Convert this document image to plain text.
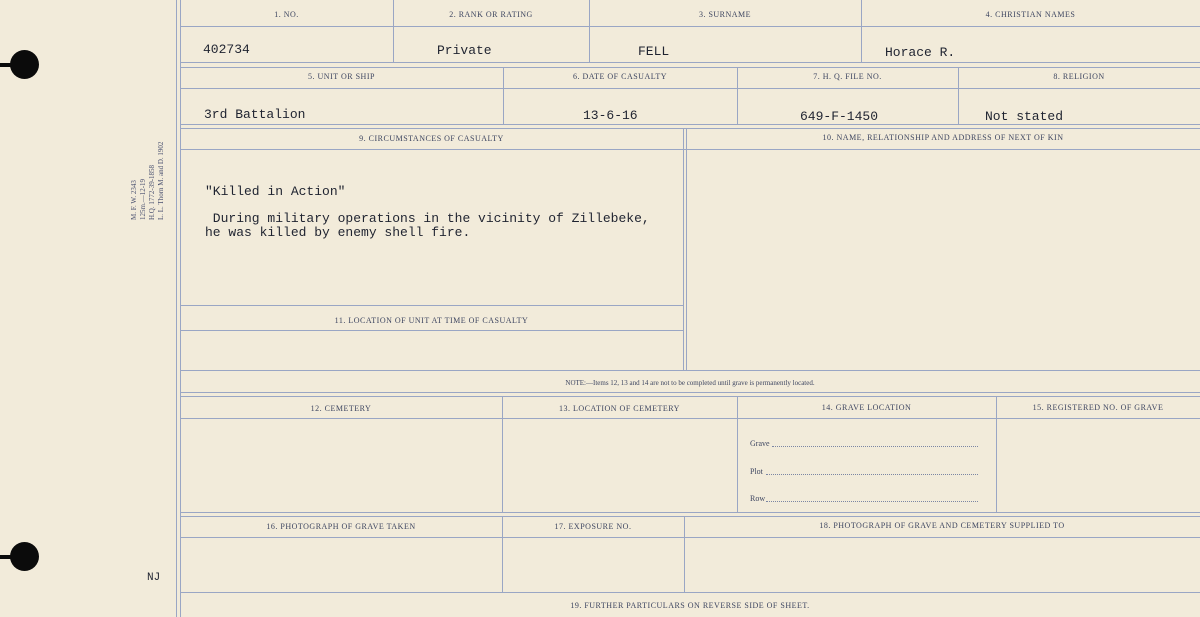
M. F. W. 2343 125m.—12-19 H.Q. 1772-39-1858 L. L. Thorn M. and D. 1902
NJ
1. NO.	2. RANK OR RATING	3. SURNAME	4. CHRISTIAN NAMES
402734	Private	FELL	Horace R.
5. UNIT OR SHIP	6. DATE OF CASUALTY	7. H. Q. FILE NO.	8. RELIGION
3rd Battalion	13-6-16	649-F-1450	Not stated
9. CIRCUMSTANCES OF CASUALTY	10. NAME, RELATIONSHIP AND ADDRESS OF NEXT OF KIN
"Killed in Action"
During military operations in the vicinity of Zillebeke,
he was killed by enemy shell fire.
11. LOCATION OF UNIT AT TIME OF CASUALTY
NOTE:—Items 12, 13 and 14 are not to be completed until grave is permanently located.
12. CEMETERY	13. LOCATION OF CEMETERY	14. GRAVE LOCATION	15. REGISTERED NO. OF GRAVE
Grave
Plot
Row
16. PHOTOGRAPH OF GRAVE TAKEN	17. EXPOSURE NO.	18. PHOTOGRAPH OF GRAVE AND CEMETERY SUPPLIED TO
19. FURTHER PARTICULARS ON REVERSE SIDE OF SHEET.
